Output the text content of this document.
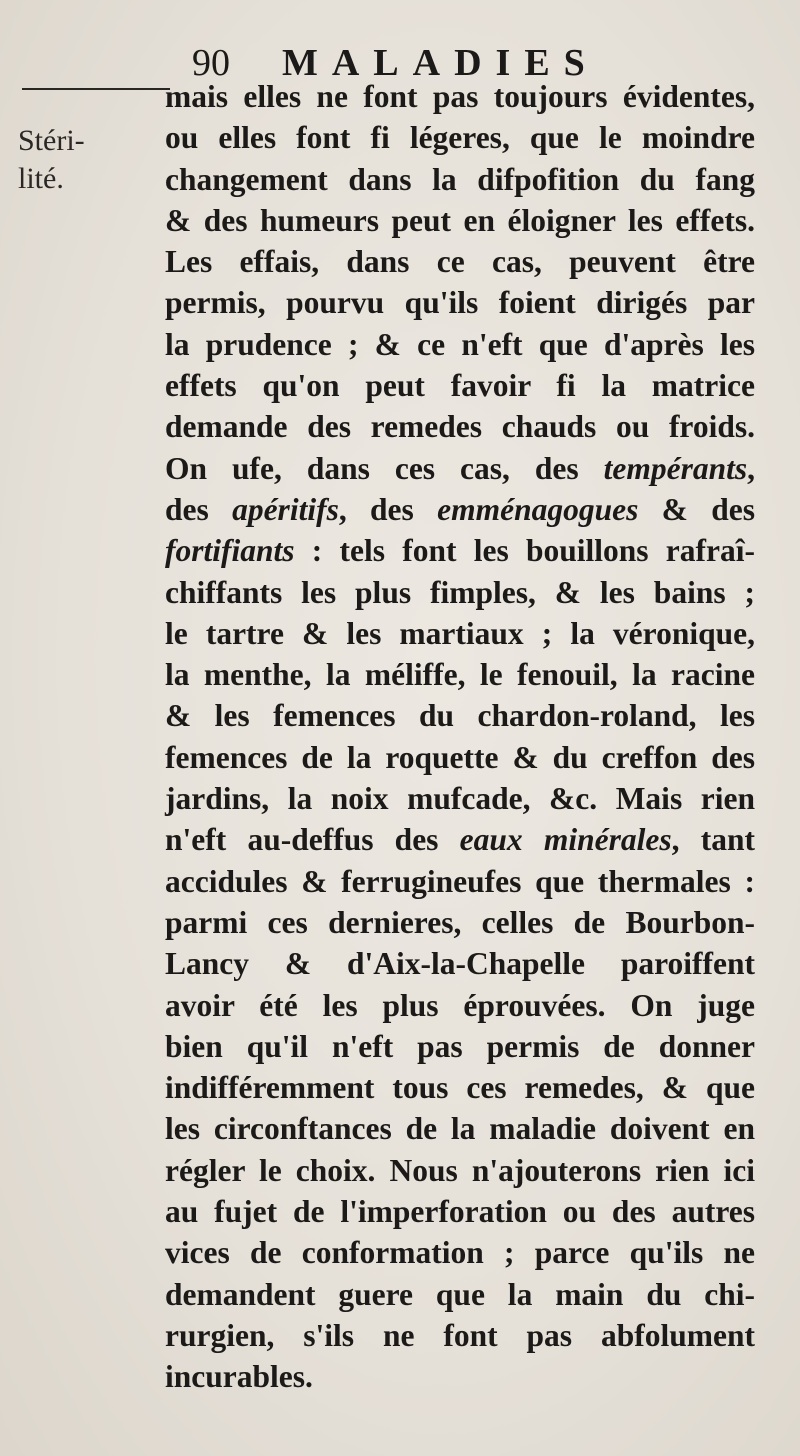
90 MALADIES
Stéri-
lité.
mais elles ne font pas toujours évidentes,
ou elles font fi légeres, que le moindre
changement dans la difpofition du fang
& des humeurs peut en éloigner les effets.
Les effais, dans ce cas, peuvent être
permis, pourvu qu'ils foient dirigés par
la prudence ; & ce n'eft que d'après les
effets qu'on peut favoir fi la matrice
demande des remedes chauds ou froids.
On ufe, dans ces cas, des tempérants,
des apéritifs, des emménagogues & des
fortifiants : tels font les bouillons rafraî-
chiffants les plus fimples, & les bains ;
le tartre & les martiaux ; la véronique,
la menthe, la méliffe, le fenouil, la racine
& les femences du chardon-roland, les
femences de la roquette & du creffon des
jardins, la noix mufcade, &c. Mais rien
n'eft au-deffus des eaux minérales, tant
accidules & ferrugineufes que thermales :
parmi ces dernieres, celles de Bourbon-
Lancy & d'Aix-la-Chapelle paroiffent
avoir été les plus éprouvées. On juge
bien qu'il n'eft pas permis de donner
indifféremment tous ces remedes, & que
les circonftances de la maladie doivent en
régler le choix. Nous n'ajouterons rien ici
au fujet de l'imperforation ou des autres
vices de conformation ; parce qu'ils ne
demandent guere que la main du chi-
rurgien, s'ils ne font pas abfolument
incurables.
